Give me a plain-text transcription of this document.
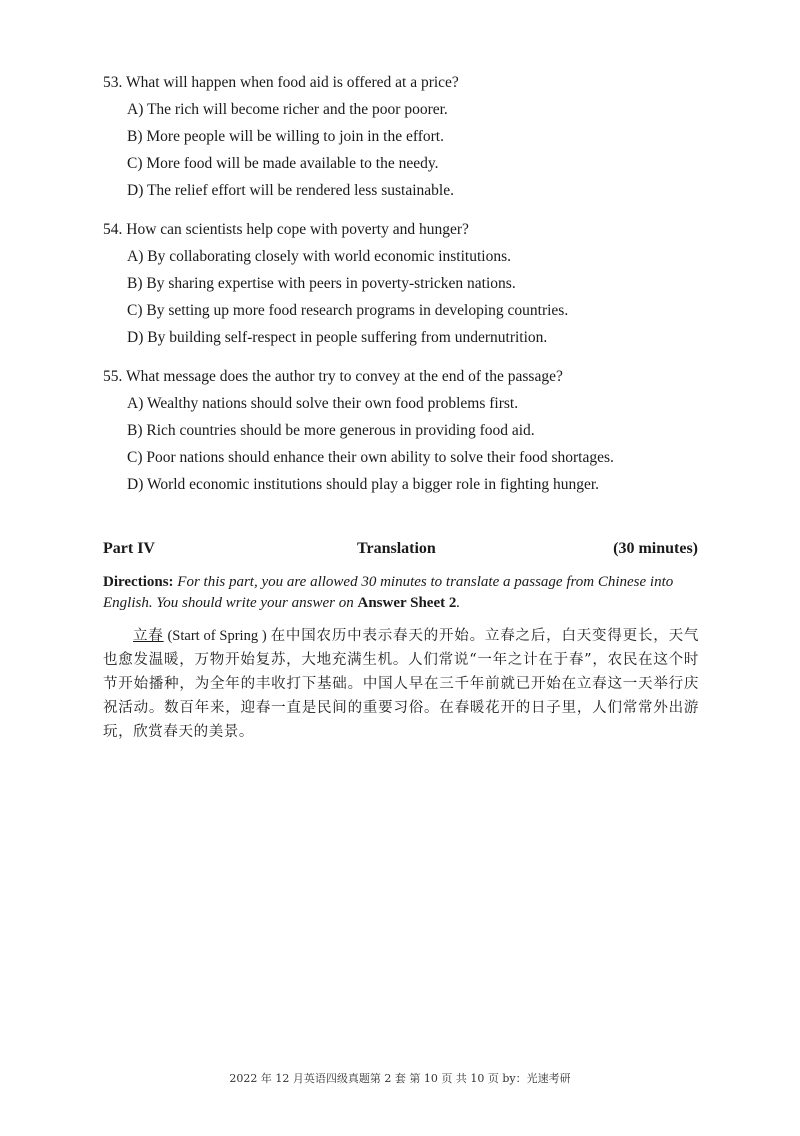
53. What will happen when food aid is offered at a price?

A) The rich will become richer and the poor poorer.

B) More people will be willing to join in the effort.

C) More food will be made available to the needy.

D) The relief effort will be rendered less sustainable.

54. How can scientists help cope with poverty and hunger?

A) By collaborating closely with world economic institutions.

B) By sharing expertise with peers in poverty-stricken nations.

C) By setting up more food research programs in developing countries.

D) By building self-respect in people suffering from undernutrition.

55. What message does the author try to convey at the end of the passage?

A) Wealthy nations should solve their own food problems first.

B) Rich countries should be more generous in providing food aid.

C) Poor nations should enhance their own ability to solve their food shortages.

D) World economic institutions should play a bigger role in fighting hunger.

Part IV	Translation	(30 minutes)
Directions: For this part, you are allowed 30 minutes to translate a passage from Chinese into English. You should write your answer on Answer Sheet 2.
立春 (Start of Spring ) 在中国农历中表示春天的开始。立春之后，白天变得更长，天气也愈发温暖，万物开始复苏，大地充满生机。人们常说“一年之计在于春”，农民在这个时节开始播种，为全年的丰收打下基础。中国人早在三千年前就已开始在立春这一天举行庆祝活动。数百年来，迎春一直是民间的重要习俗。在春暖花开的日子里，人们常常外出游玩，欣赏春天的美景。
2022 年 12 月英语四级真题第 2 套 第 10 页 共 10 页 by：光速考研
